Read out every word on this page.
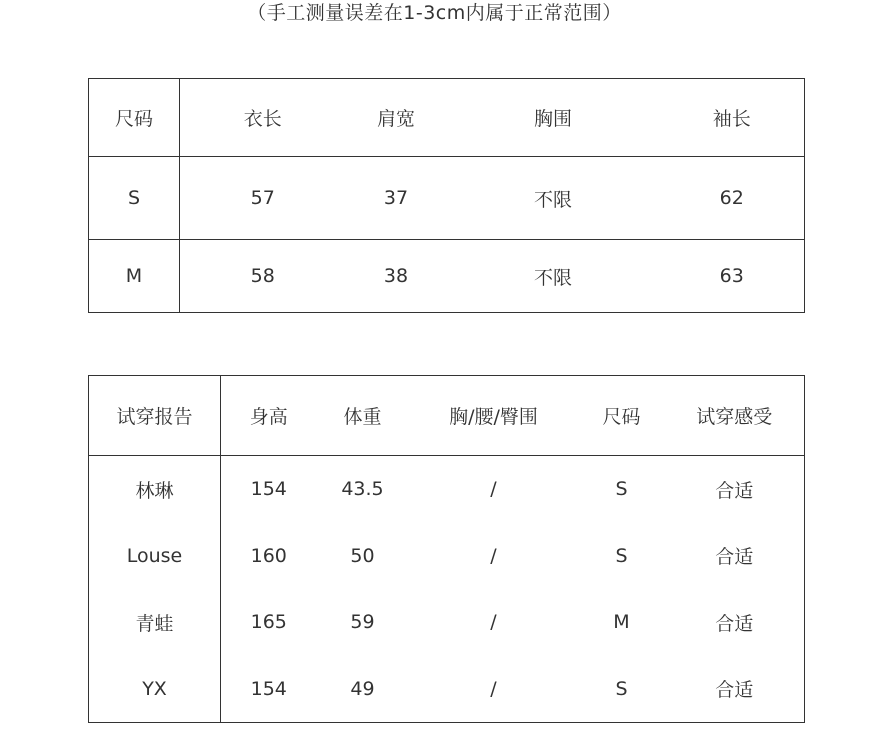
（手工测量误差在1-3cm内属于正常范围）
尺码	衣长	肩宽	胸围	袖长
S	57	37	不限	62
M	58	38	不限	63
试穿报告	身高	体重	胸/腰/臀围	尺码	试穿感受
林琳	154	43.5	/	S	合适
Louse	160	50	/	S	合适
青蛙	165	59	/	M	合适
YX	154	49	/	S	合适
